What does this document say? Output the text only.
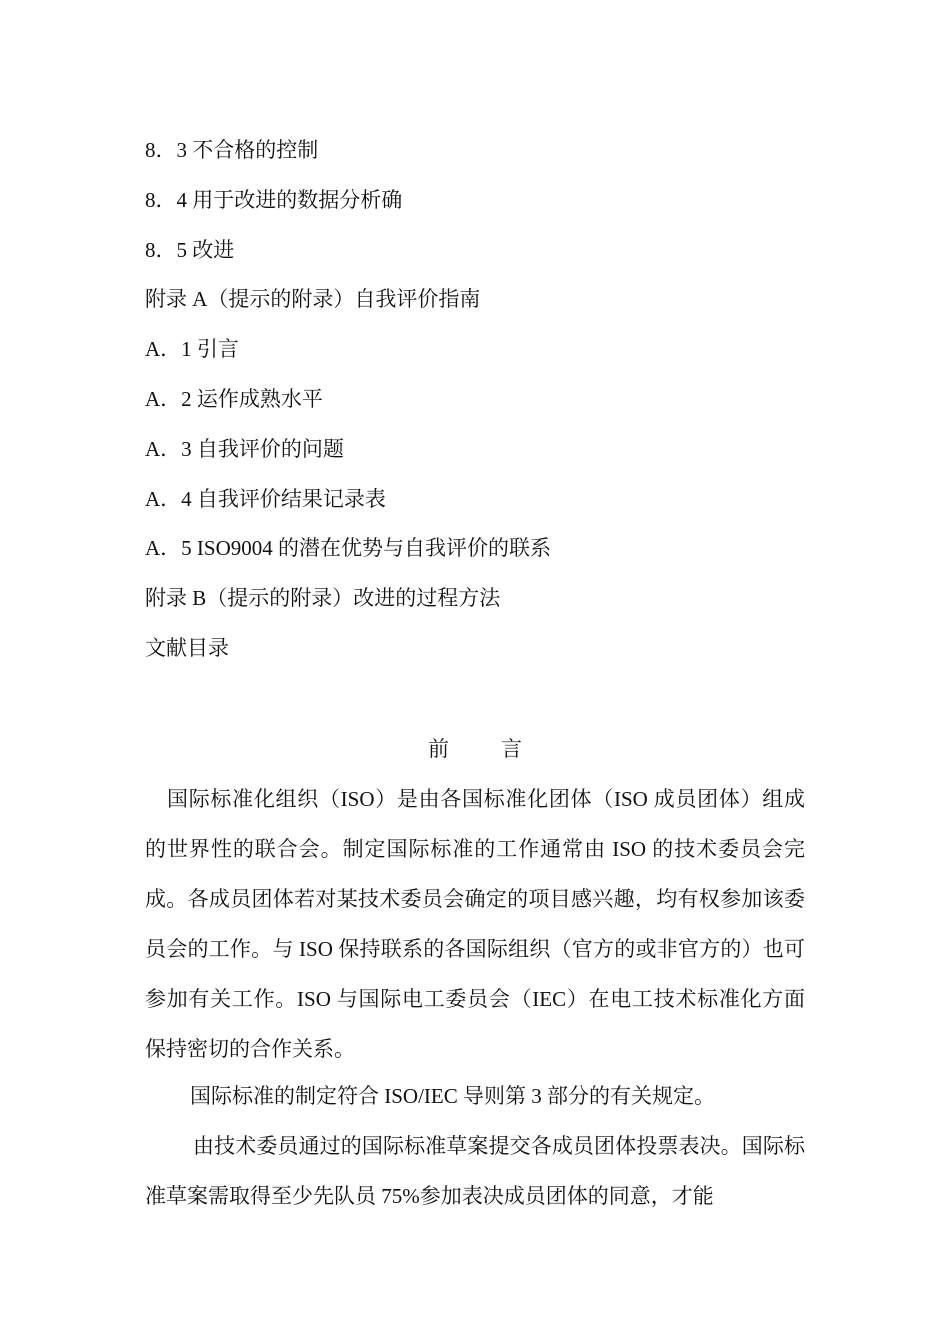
8．3 不合格的控制
8．4 用于改进的数据分析确
8．5 改进
附录 A（提示的附录）自我评价指南
A．1 引言
A．2 运作成熟水平
A．3 自我评价的问题
A．4 自我评价结果记录表
A．5 ISO9004 的潜在优势与自我评价的联系
附录 B（提示的附录）改进的过程方法
文献目录
前 言
国际标准化组织（ISO）是由各国标准化团体（ISO 成员团体）组成的世界性的联合会。制定国际标准的工作通常由 ISO 的技术委员会完成。各成员团体若对某技术委员会确定的项目感兴趣，均有权参加该委员会的工作。与 ISO 保持联系的各国际组织（官方的或非官方的）也可参加有关工作。ISO 与国际电工委员会（IEC）在电工技术标准化方面保持密切的合作关系。
国际标准的制定符合 ISO/IEC 导则第 3 部分的有关规定。
由技术委员通过的国际标准草案提交各成员团体投票表决。国际标准草案需取得至少先队员 75%参加表决成员团体的同意，才能
